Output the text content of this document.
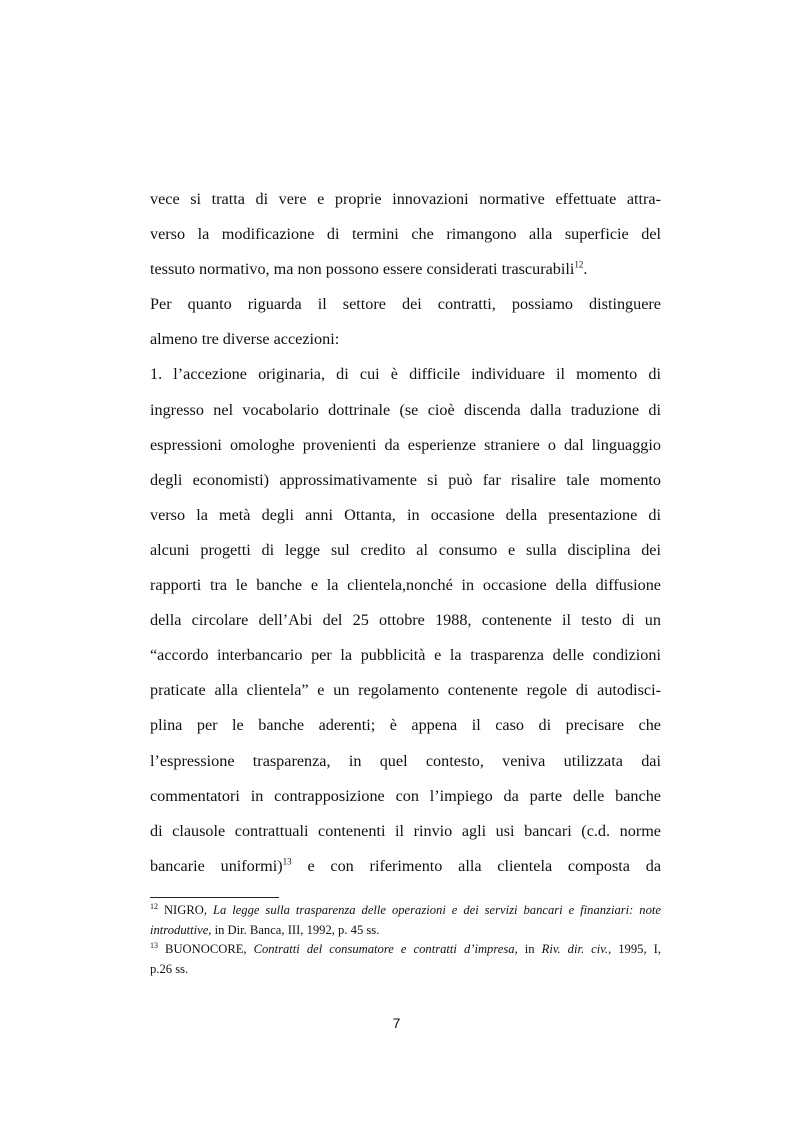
vece si tratta di vere e proprie innovazioni normative effettuate attra-
verso la modificazione di termini che rimangono alla superficie del
tessuto normativo, ma non possono essere considerati trascurabili$^{12}$.
Per quanto riguarda il settore dei contratti, possiamo distinguere
almeno tre diverse accezioni:
1. l’accezione originaria, di cui è difficile individuare il momento di
ingresso nel vocabolario dottrinale (se cioè discenda dalla traduzione di
espressioni omologhe provenienti da esperienze straniere o dal linguaggio
degli economisti) approssimativamente si può far risalire tale momento
verso la metà degli anni Ottanta, in occasione della presentazione di
alcuni progetti di legge sul credito al consumo e sulla disciplina dei
rapporti tra le banche e la clientela,nonché in occasione della diffusione
della circolare dell’Abi del 25 ottobre 1988, contenente il testo di un
“accordo interbancario per la pubblicità e la trasparenza delle condizioni
praticate alla clientela” e un regolamento contenente regole di autodisci-
plina per le banche aderenti; è appena il caso di precisare che
l’espressione trasparenza, in quel contesto, veniva utilizzata dai
commentatori in contrapposizione con l’impiego da parte delle banche
di clausole contrattuali contenenti il rinvio agli usi bancari (c.d. norme
bancarie uniformi)$^{13}$ e con riferimento alla clientela composta da
$^{12}$ NIGRO, La legge sulla trasparenza delle operazioni e dei servizi bancari e finanziari: note
introduttive, in Dir. Banca, III, 1992, p. 45 ss.
$^{13}$ BUONOCORE, Contratti del consumatore e contratti d’impresa, in Riv. dir. civ., 1995, I,
p.26 ss.
7
